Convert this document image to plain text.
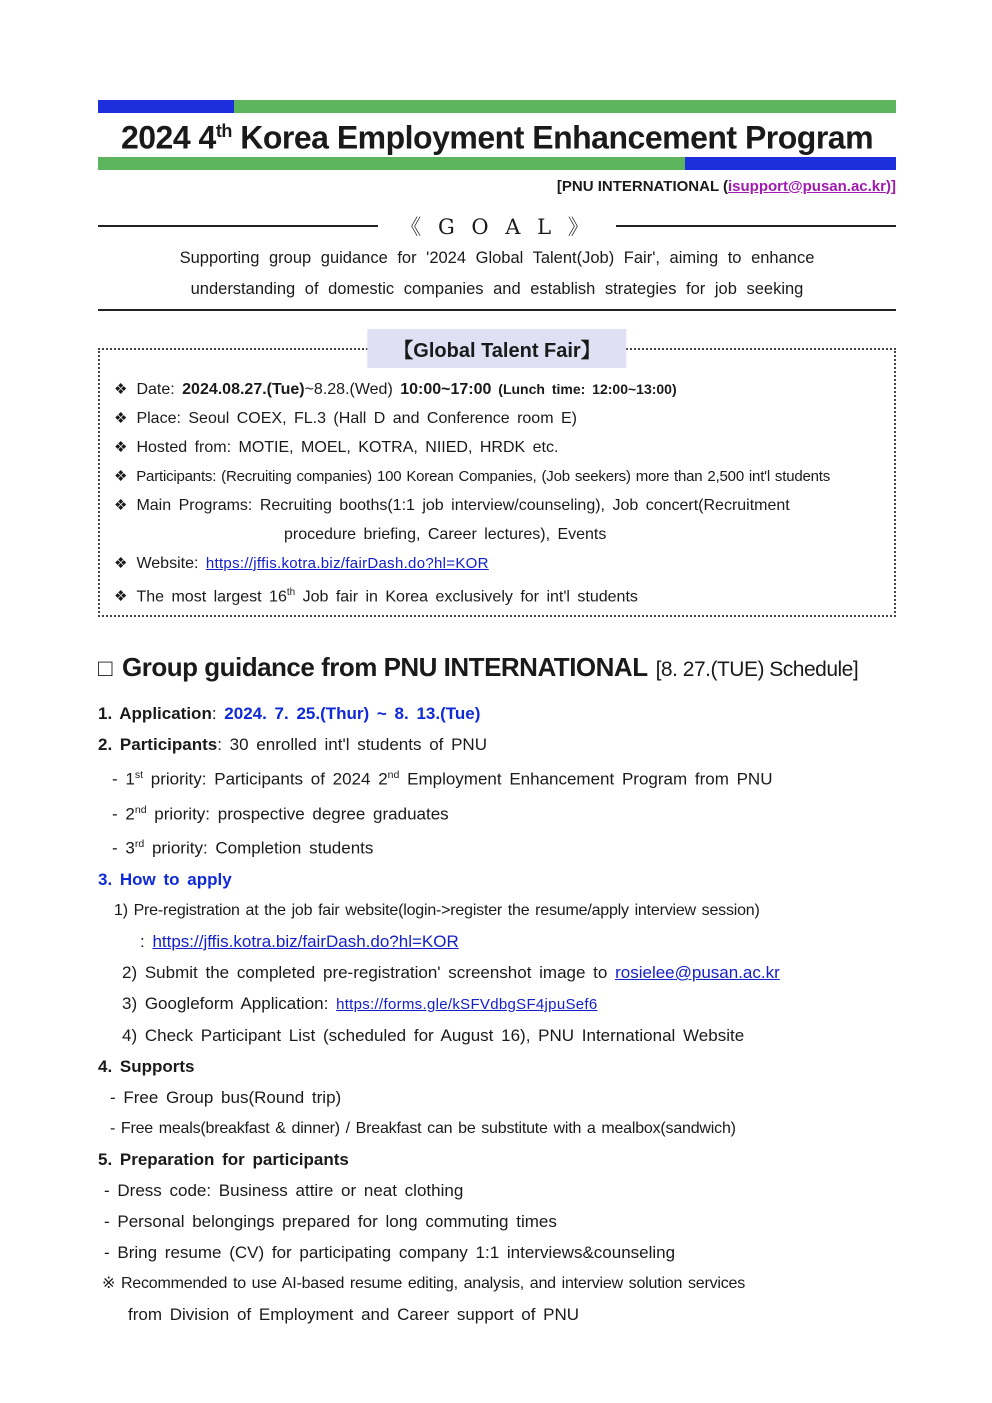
2024 4th Korea Employment Enhancement Program
[PNU INTERNATIONAL (isupport@pusan.ac.kr)]
《 G O A L 》
Supporting group guidance for '2024 Global Talent(Job) Fair', aiming to enhance
understanding of domestic companies and establish strategies for job seeking
【Global Talent Fair】
❖ Date: 2024.08.27.(Tue)~8.28.(Wed) 10:00~17:00 (Lunch time: 12:00~13:00)
❖ Place: Seoul COEX, FL.3 (Hall D and Conference room E)
❖ Hosted from: MOTIE, MOEL, KOTRA, NIIED, HRDK etc.
❖ Participants: (Recruiting companies) 100 Korean Companies, (Job seekers) more than 2,500 int'l students
❖ Main Programs: Recruiting booths(1:1 job interview/counseling), Job concert(Recruitment
procedure briefing, Career lectures), Events
❖ Website: https://jffis.kotra.biz/fairDash.do?hl=KOR
❖ The most largest 16th Job fair in Korea exclusively for int'l students
□ Group guidance from PNU INTERNATIONAL [8. 27.(TUE) Schedule]
1. Application: 2024. 7. 25.(Thur) ~ 8. 13.(Tue)
2. Participants: 30 enrolled int'l students of PNU
- 1st priority: Participants of 2024 2nd Employment Enhancement Program from PNU
- 2nd priority: prospective degree graduates
- 3rd priority: Completion students
3. How to apply
1) Pre-registration at the job fair website(login->register the resume/apply interview session)
: https://jffis.kotra.biz/fairDash.do?hl=KOR
2) Submit the completed pre-registration' screenshot image to rosielee@pusan.ac.kr
3) Googleform Application: https://forms.gle/kSFVdbgSF4jpuSef6
4) Check Participant List (scheduled for August 16), PNU International Website
4. Supports
- Free Group bus(Round trip)
- Free meals(breakfast & dinner) / Breakfast can be substitute with a mealbox(sandwich)
5. Preparation for participants
- Dress code: Business attire or neat clothing
- Personal belongings prepared for long commuting times
- Bring resume (CV) for participating company 1:1 interviews&counseling
※ Recommended to use AI-based resume editing, analysis, and interview solution services
from Division of Employment and Career support of PNU
